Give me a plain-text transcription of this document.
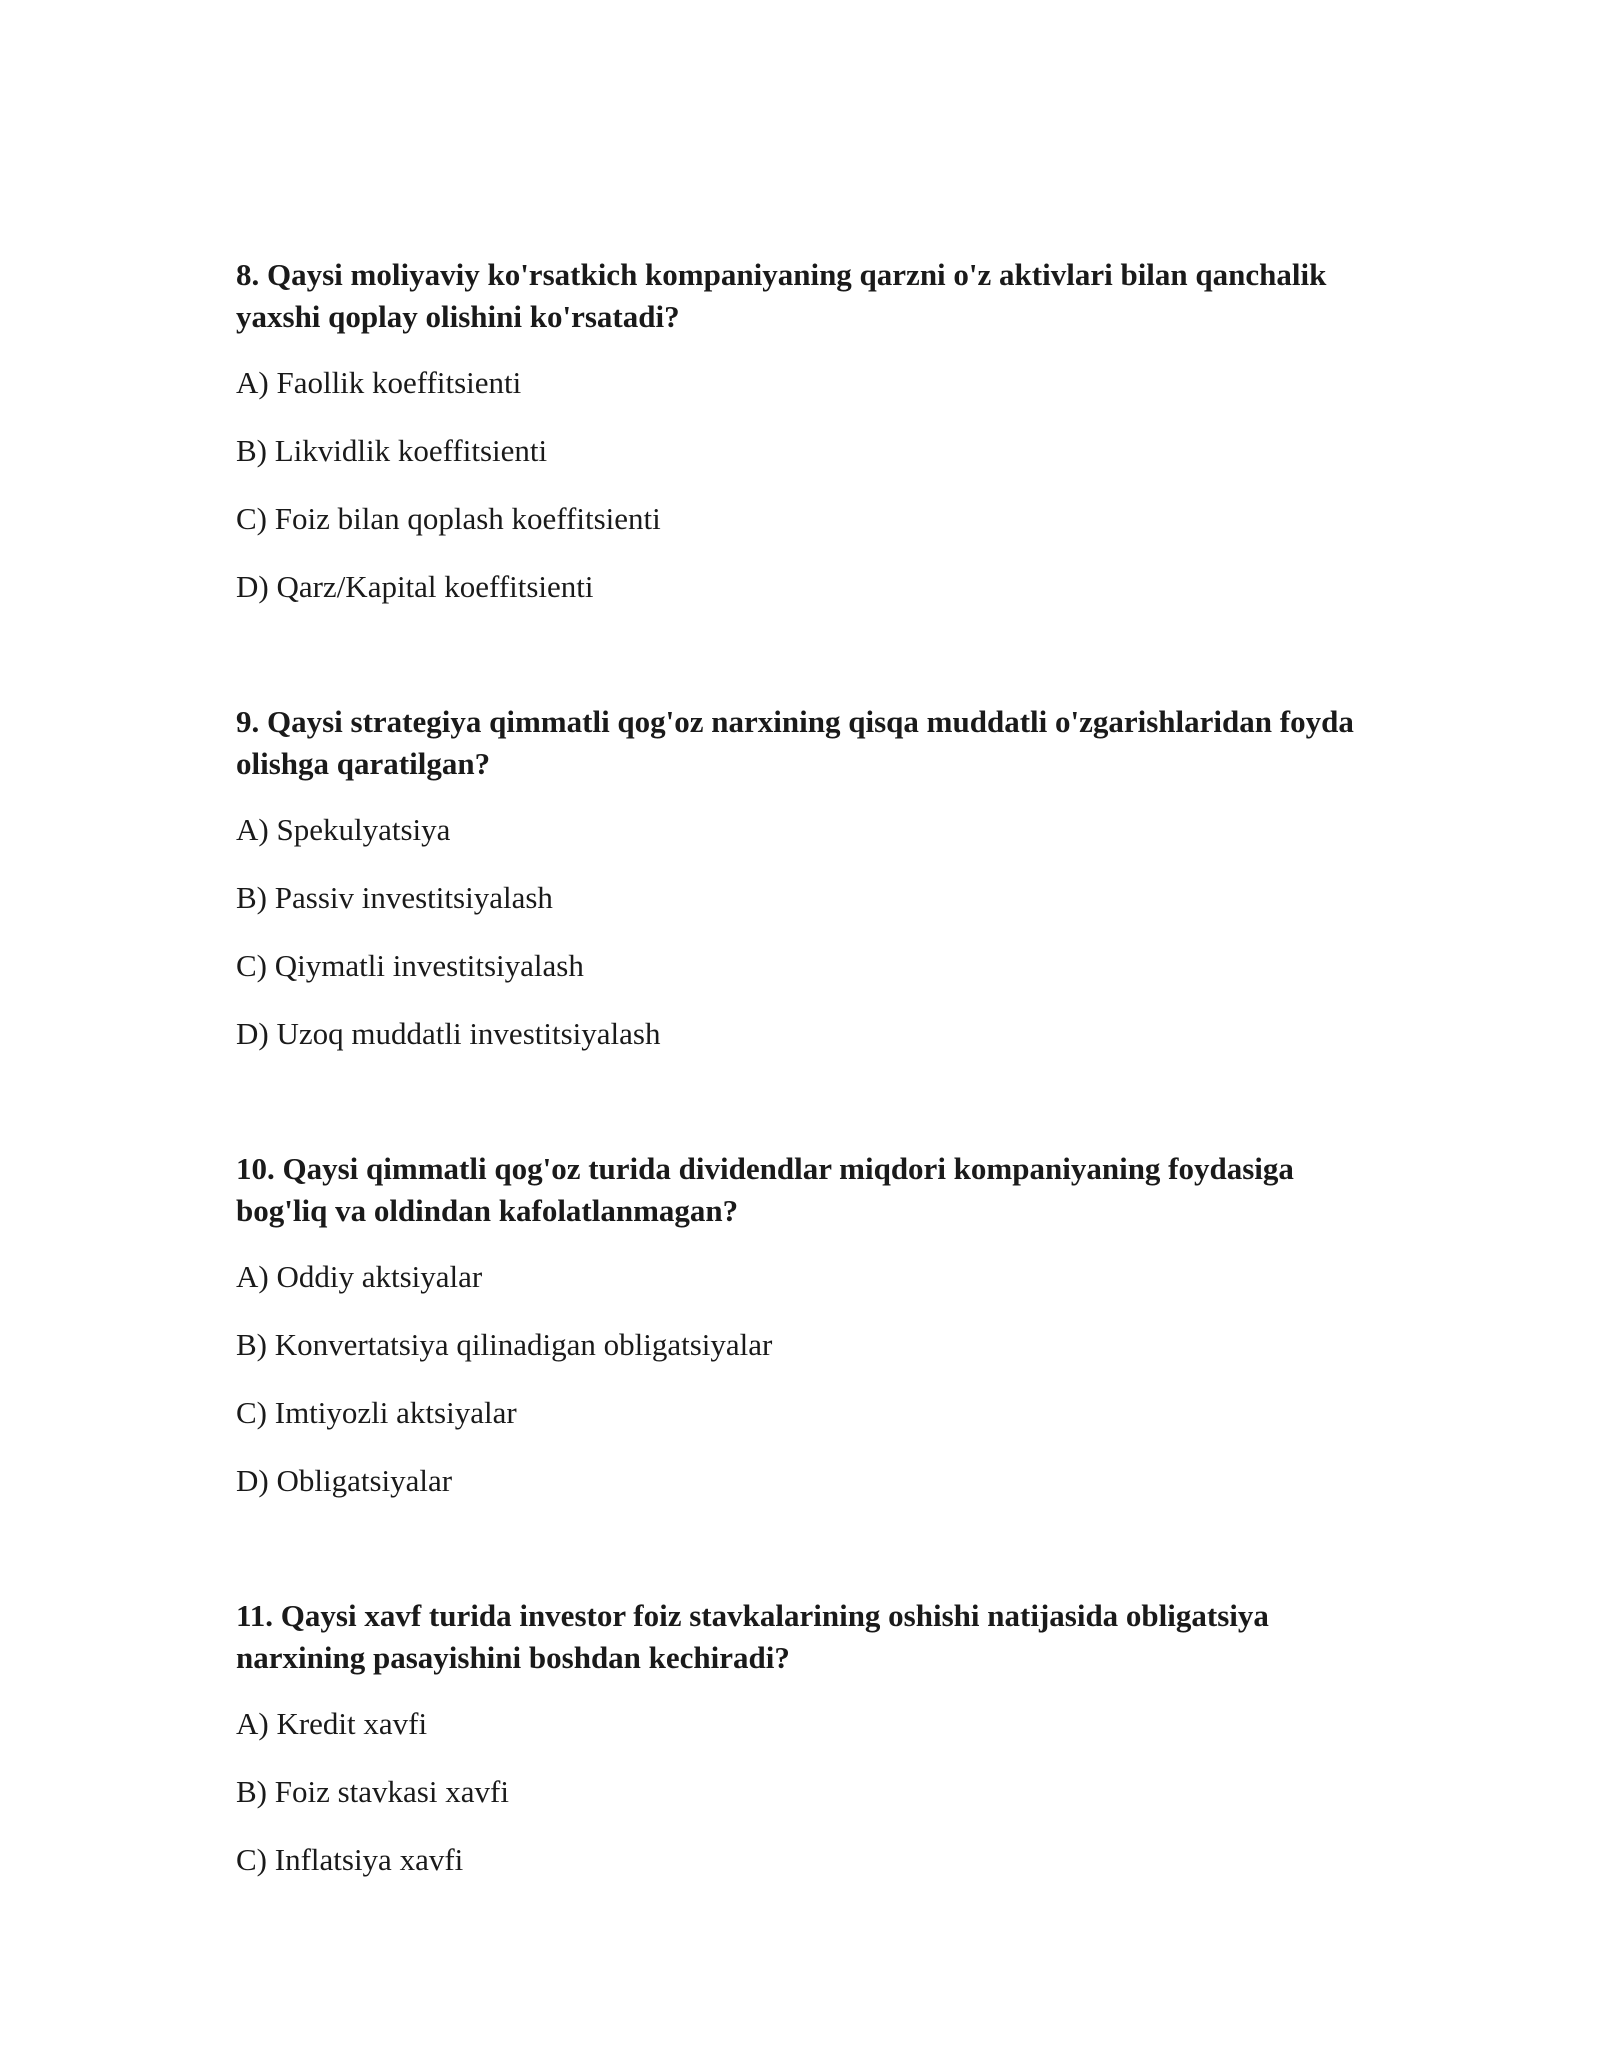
8. Qaysi moliyaviy ko'rsatkich kompaniyaning qarzni o'z aktivlari bilan qanchalik yaxshi qoplay olishini ko'rsatadi?

A) Faollik koeffitsienti
B) Likvidlik koeffitsienti
C) Foiz bilan qoplash koeffitsienti
D) Qarz/Kapital koeffitsienti

9. Qaysi strategiya qimmatli qog'oz narxining qisqa muddatli o'zgarishlaridan foyda olishga qaratilgan?

A) Spekulyatsiya
B) Passiv investitsiyalash
C) Qiymatli investitsiyalash
D) Uzoq muddatli investitsiyalash

10. Qaysi qimmatli qog'oz turida dividendlar miqdori kompaniyaning foydasiga bog'liq va oldindan kafolatlanmagan?

A) Oddiy aktsiyalar
B) Konvertatsiya qilinadigan obligatsiyalar
C) Imtiyozli aktsiyalar
D) Obligatsiyalar

11. Qaysi xavf turida investor foiz stavkalarining oshishi natijasida obligatsiya narxining pasayishini boshdan kechiradi?

A) Kredit xavfi
B) Foiz stavkasi xavfi
C) Inflatsiya xavfi
